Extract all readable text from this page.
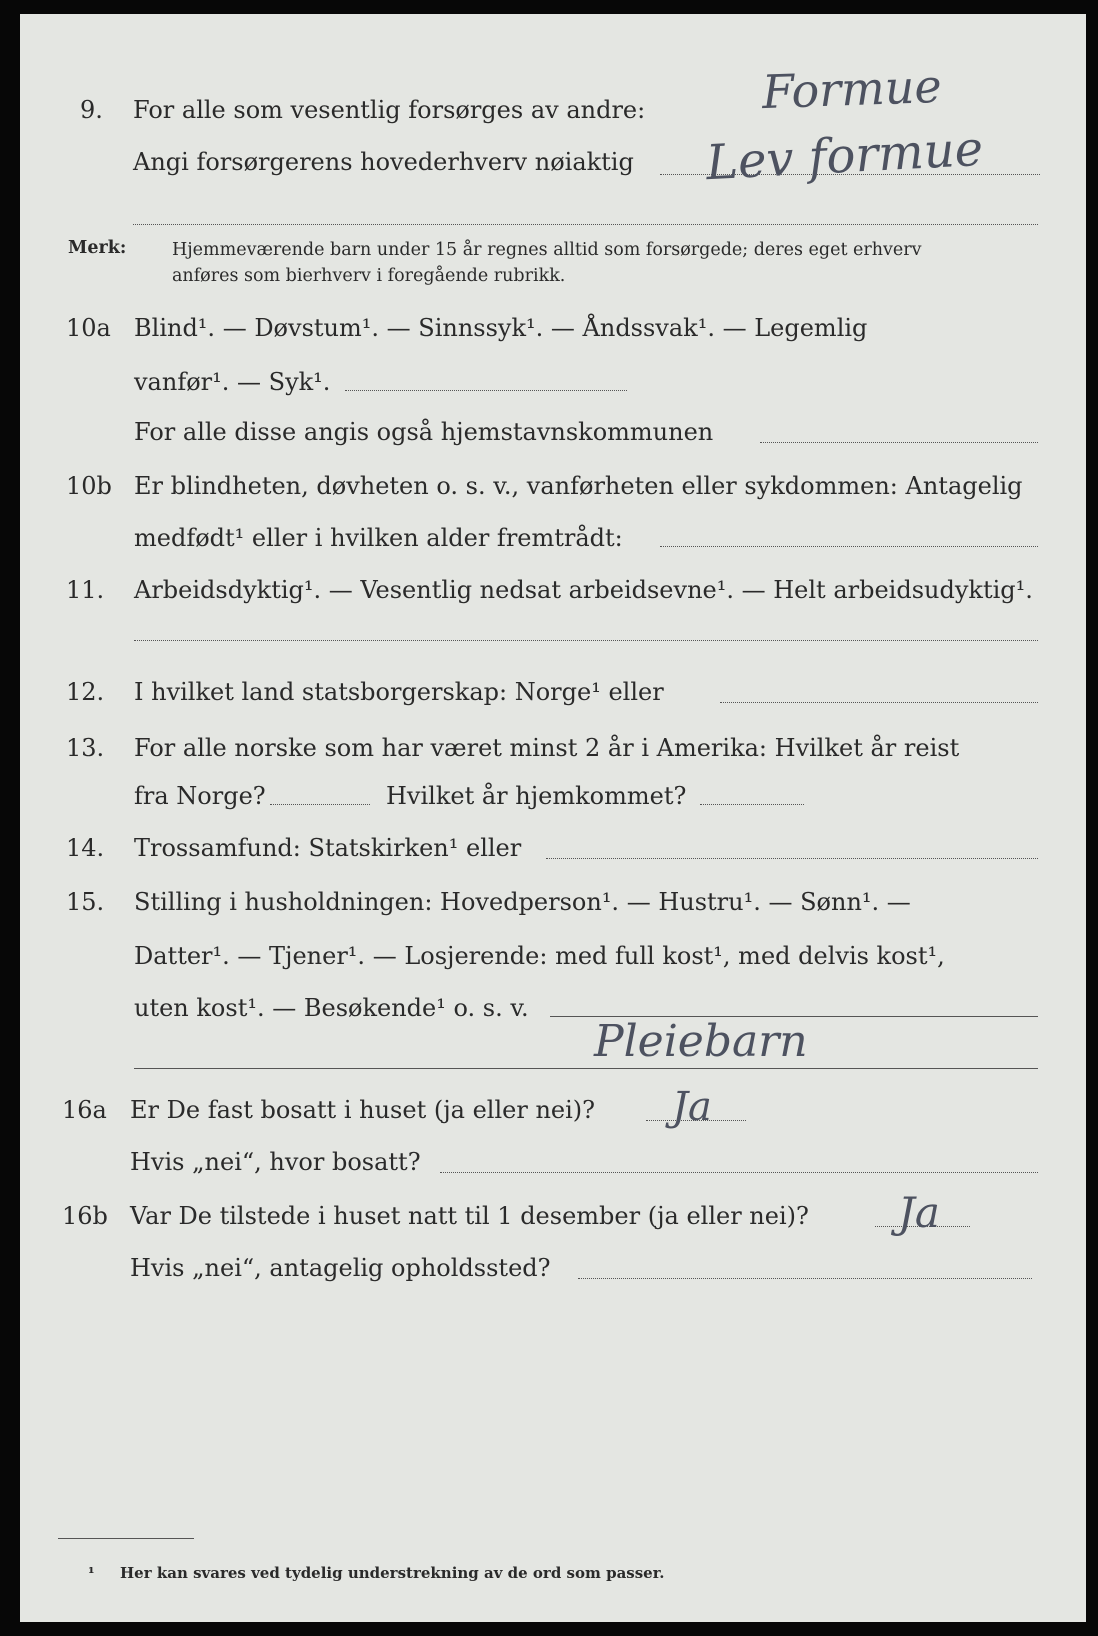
9. For alle som vesentlig forsørges av andre:

Angi forsørgerens hovederhverv nøiaktig

Formue

Lev formue

Merk:	Hjemmeværende barn under 15 år regnes alltid som forsørgede; deres eget erhverv

anføres som bierhverv i foregående rubrikk.

10a Blind¹. — Døvstum¹. — Sinnssyk¹. — Åndssvak¹. — Legemlig

vanfør¹. — Syk¹.

For alle disse angis også hjemstavnskommunen

10b Er blindheten, døvheten o. s. v., vanførheten eller sykdommen: Antagelig

medfødt¹ eller i hvilken alder fremtrådt:

11. Arbeidsdyktig¹. — Vesentlig nedsat arbeidsevne¹. — Helt arbeidsudyktig¹.

12. I hvilket land statsborgerskap: Norge¹ eller

13. For alle norske som har været minst 2 år i Amerika: Hvilket år reist

fra Norge?	Hvilket år hjemkommet?

14. Trossamfund: Statskirken¹ eller

15. Stilling i husholdningen: Hovedperson¹. — Hustru¹. — Sønn¹. —

Datter¹. — Tjener¹. — Losjerende: med full kost¹, med delvis kost¹,

uten kost¹. — Besøkende¹ o. s. v.

Pleiebarn

16a Er De fast bosatt i huset (ja eller nei)? Ja

Hvis „nei“, hvor bosatt?

16b Var De tilstede i huset natt til 1 desember (ja eller nei)? Ja

Hvis „nei“, antagelig opholdssted?

¹ Her kan svares ved tydelig understrekning av de ord som passer.
